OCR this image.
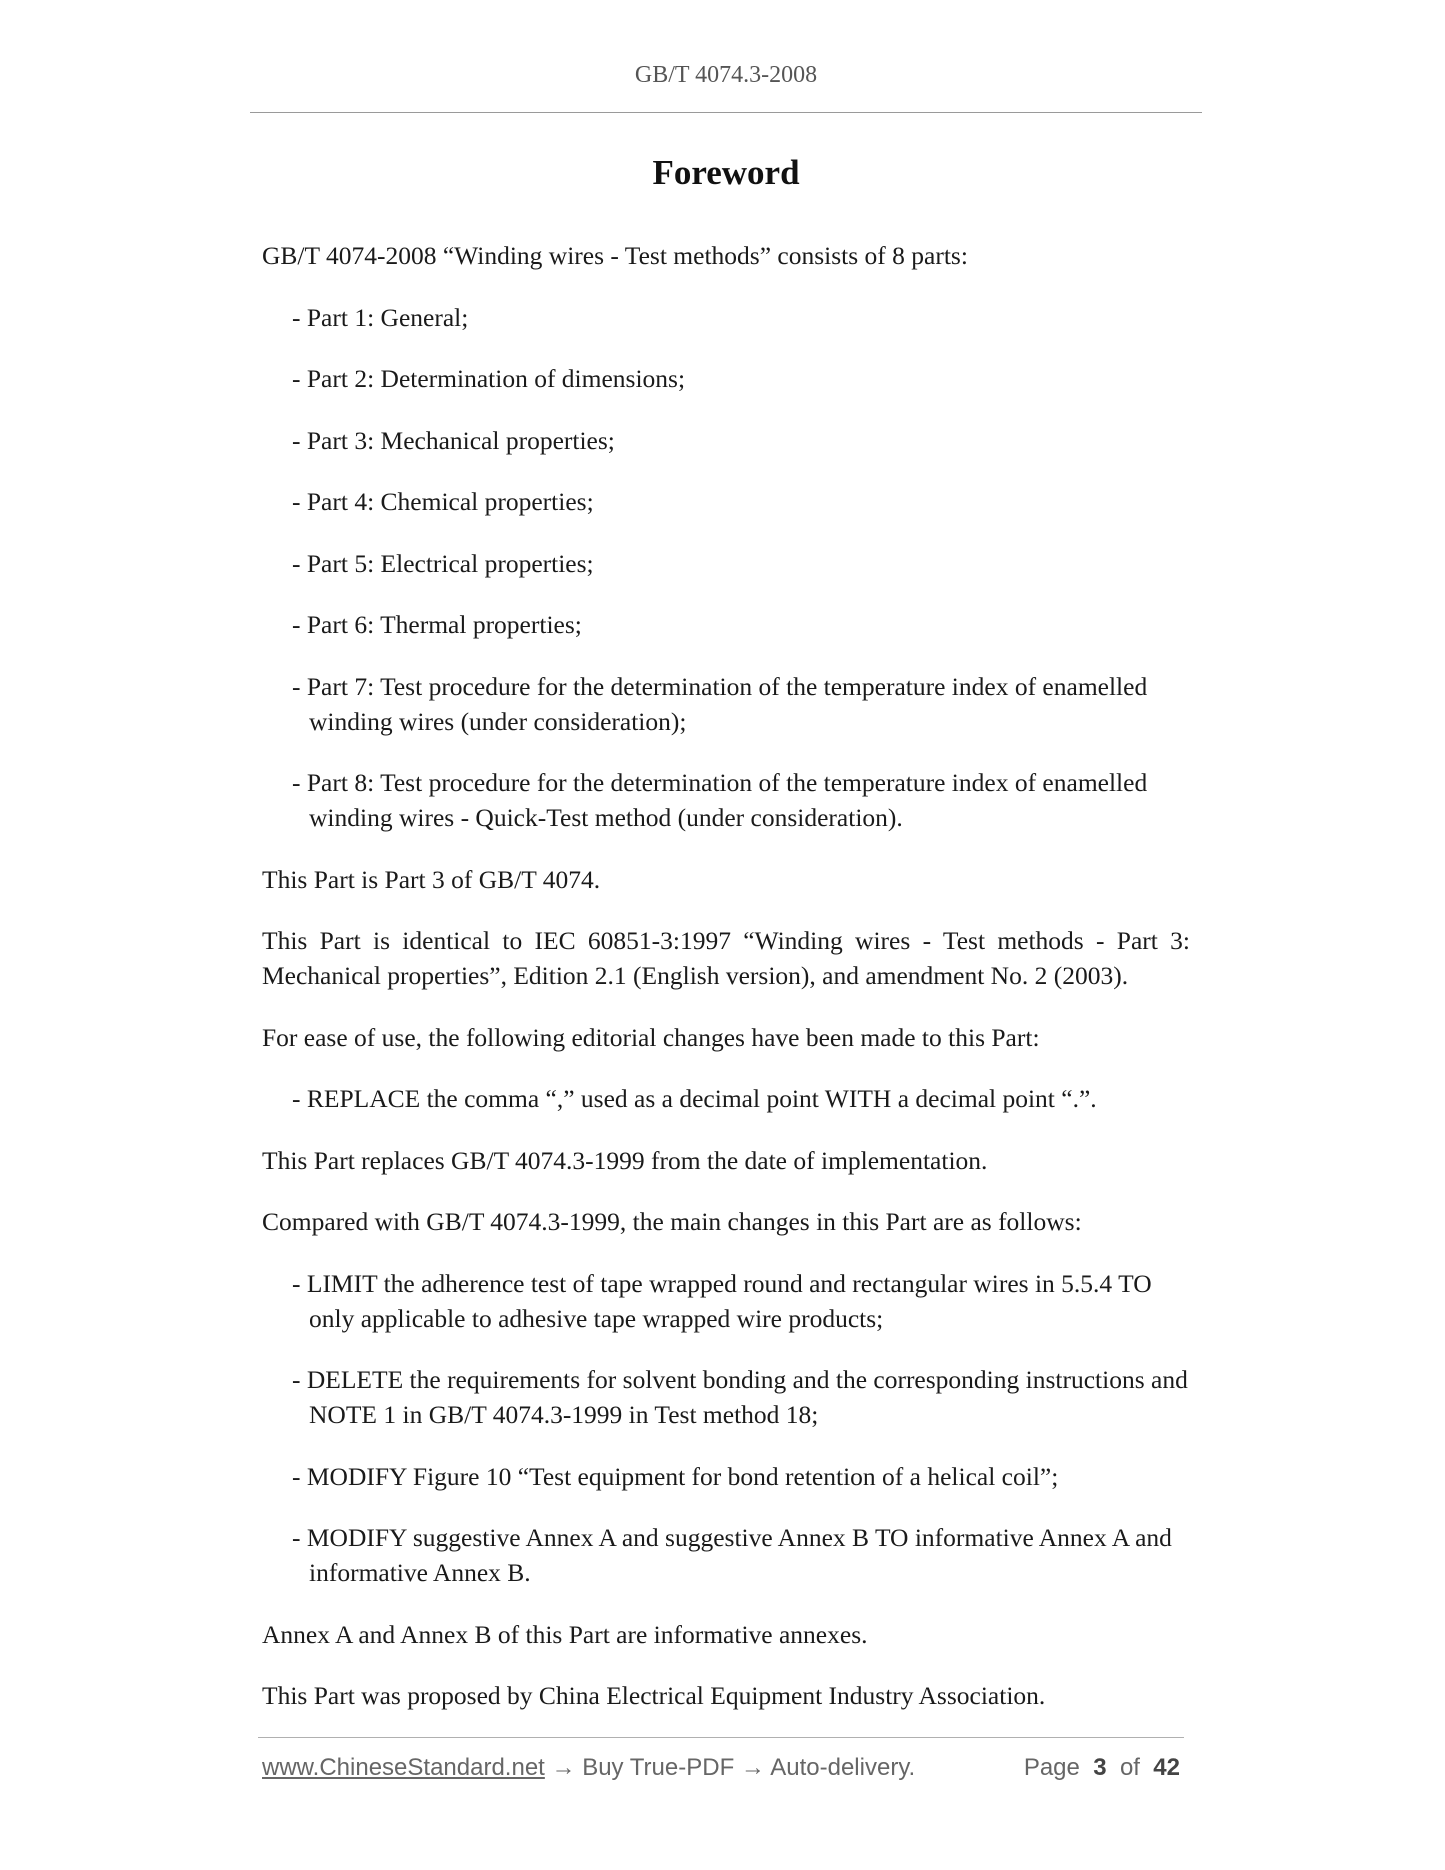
GB/T 4074.3-2008
Foreword

GB/T 4074-2008 “Winding wires - Test methods” consists of 8 parts:

- Part 1: General;

- Part 2: Determination of dimensions;

- Part 3: Mechanical properties;

- Part 4: Chemical properties;

- Part 5: Electrical properties;

- Part 6: Thermal properties;

- Part 7: Test procedure for the determination of the temperature index of enamelled winding wires (under consideration);

- Part 8: Test procedure for the determination of the temperature index of enamelled winding wires - Quick-Test method (under consideration).

This Part is Part 3 of GB/T 4074.

This Part is identical to IEC 60851-3:1997 “Winding wires - Test methods - Part 3: Mechanical properties”, Edition 2.1 (English version), and amendment No. 2 (2003).

For ease of use, the following editorial changes have been made to this Part:

- REPLACE the comma “,” used as a decimal point WITH a decimal point “.”.

This Part replaces GB/T 4074.3-1999 from the date of implementation.

Compared with GB/T 4074.3-1999, the main changes in this Part are as follows:

- LIMIT the adherence test of tape wrapped round and rectangular wires in 5.5.4 TO only applicable to adhesive tape wrapped wire products;

- DELETE the requirements for solvent bonding and the corresponding instructions and NOTE 1 in GB/T 4074.3-1999 in Test method 18;

- MODIFY Figure 10 “Test equipment for bond retention of a helical coil”;

- MODIFY suggestive Annex A and suggestive Annex B TO informative Annex A and informative Annex B.

Annex A and Annex B of this Part are informative annexes.

This Part was proposed by China Electrical Equipment Industry Association.

www.ChineseStandard.net → Buy True-PDF → Auto-delivery.	Page 3 of 42
